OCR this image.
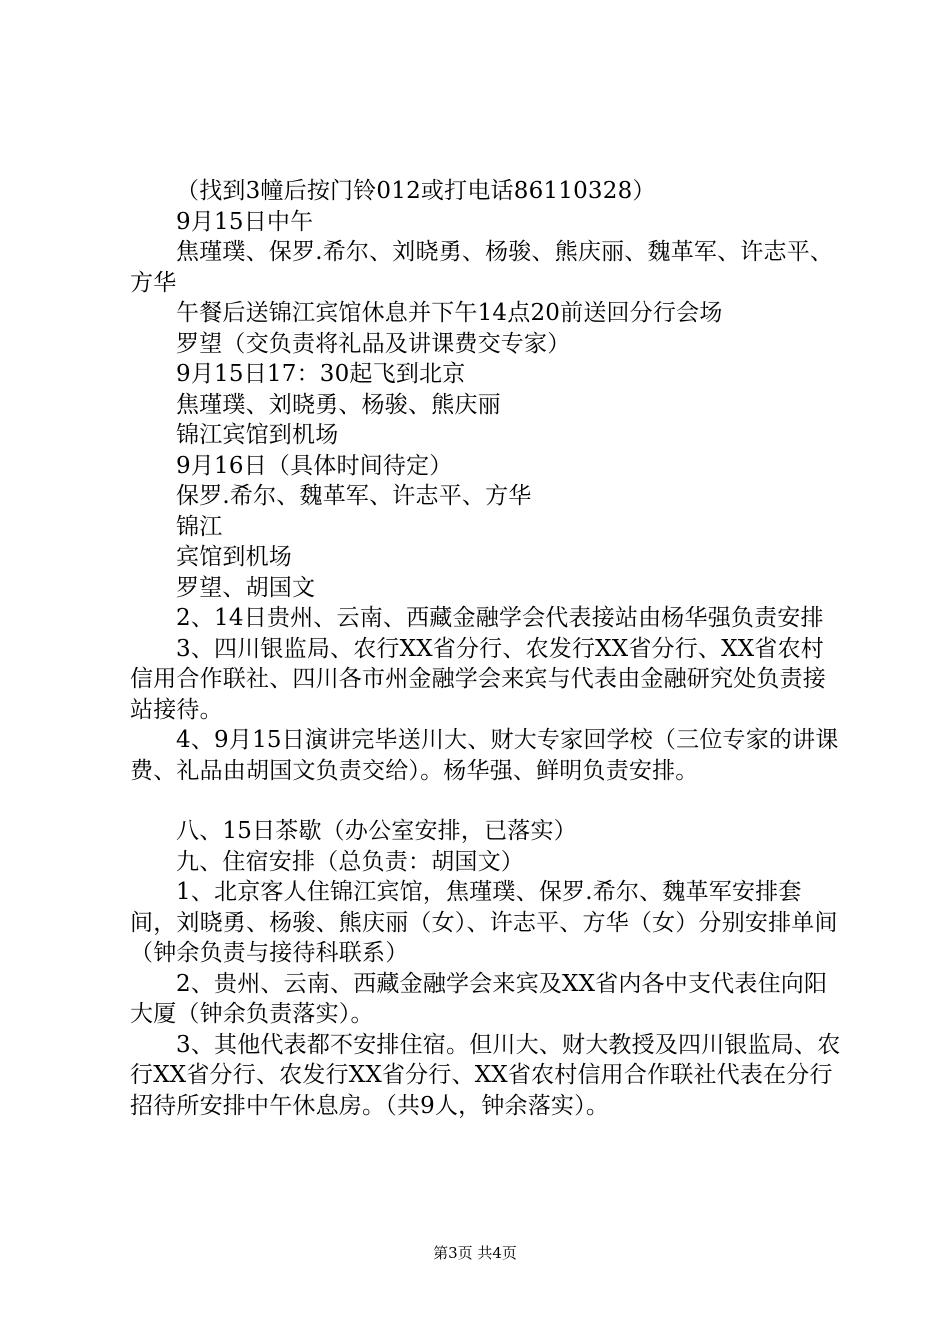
（找到3幢后按门铃012或打电话86110328）

9月15日中午

焦瑾璞、保罗.希尔、刘晓勇、杨骏、熊庆丽、魏革军、许志平、方华

午餐后送锦江宾馆休息并下午14点20前送回分行会场

罗望（交负责将礼品及讲课费交专家）

9月15日17：30起飞到北京

焦瑾璞、刘晓勇、杨骏、熊庆丽

锦江宾馆到机场

9月16日（具体时间待定）

保罗.希尔、魏革军、许志平、方华

锦江

宾馆到机场

罗望、胡国文

2、14日贵州、云南、西藏金融学会代表接站由杨华强负责安排

3、四川银监局、农行XX省分行、农发行XX省分行、XX省农村信用合作联社、四川各市州金融学会来宾与代表由金融研究处负责接站接待。

4、9月15日演讲完毕送川大、财大专家回学校（三位专家的讲课费、礼品由胡国文负责交给）。杨华强、鲜明负责安排。

八、15日茶歇（办公室安排，已落实）

九、住宿安排（总负责：胡国文）

1、北京客人住锦江宾馆，焦瑾璞、保罗.希尔、魏革军安排套间，刘晓勇、杨骏、熊庆丽（女）、许志平、方华（女）分别安排单间（钟余负责与接待科联系）

2、贵州、云南、西藏金融学会来宾及XX省内各中支代表住向阳大厦（钟余负责落实）。

3、其他代表都不安排住宿。但川大、财大教授及四川银监局、农行XX省分行、农发行XX省分行、XX省农村信用合作联社代表在分行招待所安排中午休息房。（共9人，钟余落实）。

第3页 共4页
